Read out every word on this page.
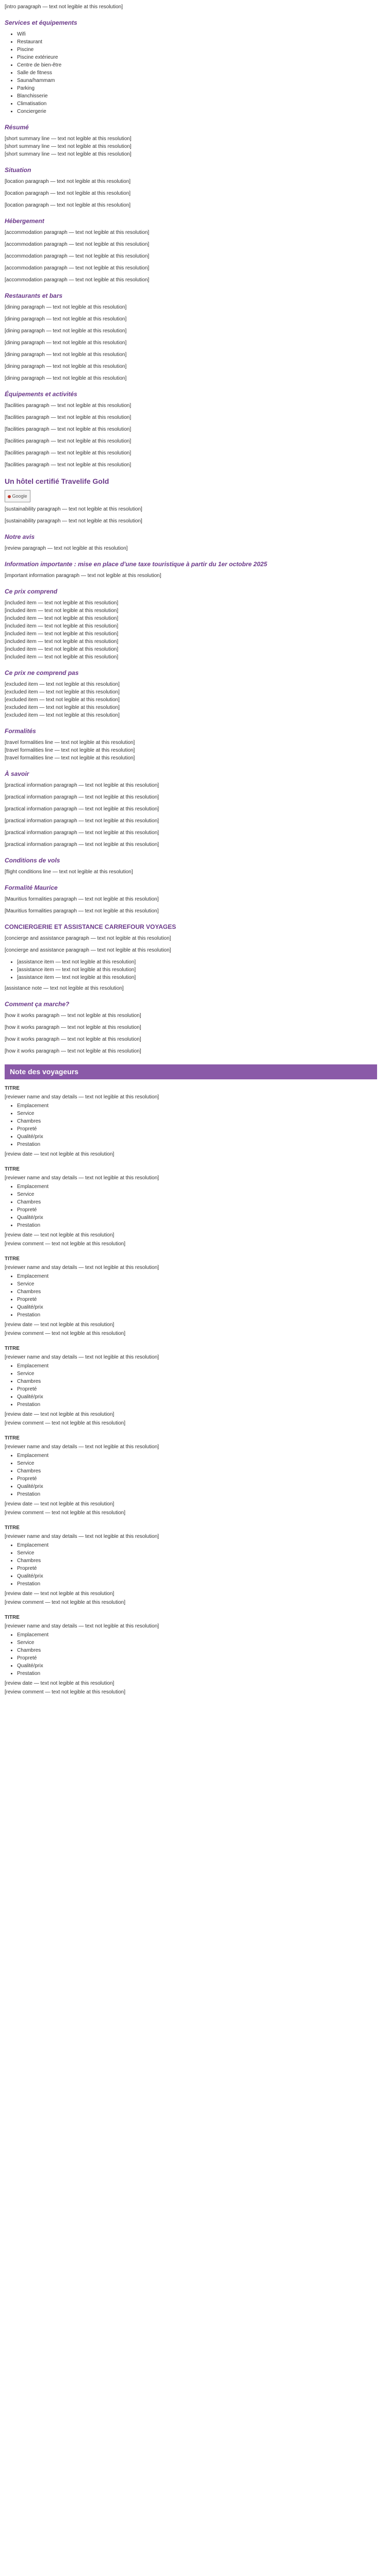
[intro paragraph — text not legible at this resolution]

Services et équipements
• Wifi
• Restaurant
• Piscine
• Piscine extérieure
• Centre de bien-être
• Salle de fitness
• Sauna/hammam
• Parking
• Blanchisserie
• Climatisation
• Conciergerie
Résumé
[short summary line — text not legible at this resolution]
[short summary line — text not legible at this resolution]
[short summary line — text not legible at this resolution]
Situation

[location paragraph — text not legible at this resolution]

[location paragraph — text not legible at this resolution]

[location paragraph — text not legible at this resolution]

Hébergement

[accommodation paragraph — text not legible at this resolution]

[accommodation paragraph — text not legible at this resolution]

[accommodation paragraph — text not legible at this resolution]

[accommodation paragraph — text not legible at this resolution]

[accommodation paragraph — text not legible at this resolution]

Restaurants et bars

[dining paragraph — text not legible at this resolution]

[dining paragraph — text not legible at this resolution]

[dining paragraph — text not legible at this resolution]

[dining paragraph — text not legible at this resolution]

[dining paragraph — text not legible at this resolution]

[dining paragraph — text not legible at this resolution]

[dining paragraph — text not legible at this resolution]

Équipements et activités

[facilities paragraph — text not legible at this resolution]

[facilities paragraph — text not legible at this resolution]

[facilities paragraph — text not legible at this resolution]

[facilities paragraph — text not legible at this resolution]

[facilities paragraph — text not legible at this resolution]

[facilities paragraph — text not legible at this resolution]

Un hôtel certifié Travelife Gold
Google

[sustainability paragraph — text not legible at this resolution]

[sustainability paragraph — text not legible at this resolution]

Notre avis

[review paragraph — text not legible at this resolution]

Information importante : mise en place d'une taxe touristique à partir du 1er octobre 2025

[important information paragraph — text not legible at this resolution]

Ce prix comprend
[included item — text not legible at this resolution]
[included item — text not legible at this resolution]
[included item — text not legible at this resolution]
[included item — text not legible at this resolution]
[included item — text not legible at this resolution]
[included item — text not legible at this resolution]
[included item — text not legible at this resolution]
[included item — text not legible at this resolution]
Ce prix ne comprend pas
[excluded item — text not legible at this resolution]
[excluded item — text not legible at this resolution]
[excluded item — text not legible at this resolution]
[excluded item — text not legible at this resolution]
[excluded item — text not legible at this resolution]
Formalités
[travel formalities line — text not legible at this resolution]
[travel formalities line — text not legible at this resolution]
[travel formalities line — text not legible at this resolution]
À savoir

[practical information paragraph — text not legible at this resolution]

[practical information paragraph — text not legible at this resolution]

[practical information paragraph — text not legible at this resolution]

[practical information paragraph — text not legible at this resolution]

[practical information paragraph — text not legible at this resolution]

[practical information paragraph — text not legible at this resolution]

Conditions de vols

[flight conditions line — text not legible at this resolution]

Formalité Maurice

[Mauritius formalities paragraph — text not legible at this resolution]

[Mauritius formalities paragraph — text not legible at this resolution]

CONCIERGERIE ET ASSISTANCE CARREFOUR VOYAGES

[concierge and assistance paragraph — text not legible at this resolution]

[concierge and assistance paragraph — text not legible at this resolution]

• [assistance item — text not legible at this resolution]
• [assistance item — text not legible at this resolution]
• [assistance item — text not legible at this resolution]

[assistance note — text not legible at this resolution]

Comment ça marche?

[how it works paragraph — text not legible at this resolution]

[how it works paragraph — text not legible at this resolution]

[how it works paragraph — text not legible at this resolution]

[how it works paragraph — text not legible at this resolution]

Note des voyageurs
TITRE
[reviewer name and stay details — text not legible at this resolution]
• Emplacement
• Service
• Chambres
• Propreté
• Qualité/prix
• Prestation
[review date — text not legible at this resolution]
TITRE
[reviewer name and stay details — text not legible at this resolution]
• Emplacement
• Service
• Chambres
• Propreté
• Qualité/prix
• Prestation
[review date — text not legible at this resolution]

[review comment — text not legible at this resolution]

TITRE
[reviewer name and stay details — text not legible at this resolution]
• Emplacement
• Service
• Chambres
• Propreté
• Qualité/prix
• Prestation
[review date — text not legible at this resolution]

[review comment — text not legible at this resolution]

TITRE
[reviewer name and stay details — text not legible at this resolution]
• Emplacement
• Service
• Chambres
• Propreté
• Qualité/prix
• Prestation
[review date — text not legible at this resolution]

[review comment — text not legible at this resolution]

TITRE
[reviewer name and stay details — text not legible at this resolution]
• Emplacement
• Service
• Chambres
• Propreté
• Qualité/prix
• Prestation
[review date — text not legible at this resolution]

[review comment — text not legible at this resolution]

TITRE
[reviewer name and stay details — text not legible at this resolution]
• Emplacement
• Service
• Chambres
• Propreté
• Qualité/prix
• Prestation
[review date — text not legible at this resolution]

[review comment — text not legible at this resolution]

TITRE
[reviewer name and stay details — text not legible at this resolution]
• Emplacement
• Service
• Chambres
• Propreté
• Qualité/prix
• Prestation
[review date — text not legible at this resolution]

[review comment — text not legible at this resolution]
